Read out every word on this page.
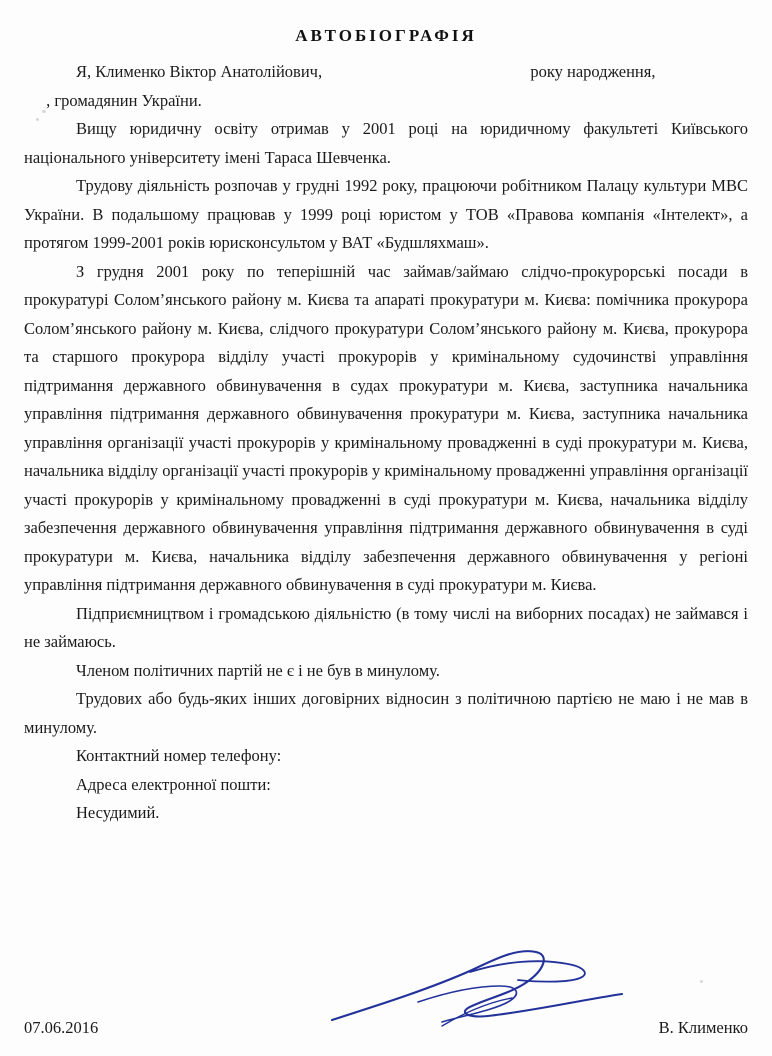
АВТОБІОГРАФІЯ

Я, Клименко Віктор Анатолійович,	року народження,
, громадянин України.

Вищу юридичну освіту отримав у 2001 році на юридичному факультеті Київського національного університету імені Тараса Шевченка.

Трудову діяльність розпочав у грудні 1992 року, працюючи робітником Палацу культури МВС України. В подальшому працював у 1999 році юристом у ТОВ «Правова компанія «Інтелект», а протягом 1999-2001 років юрисконсультом у ВАТ «Будшляхмаш».

З грудня 2001 року по теперішній час займав/займаю слідчо-прокурорські посади в прокуратурі Солом’янського району м. Києва та апараті прокуратури м. Києва: помічника прокурора Солом’янського району м. Києва, слідчого прокуратури Солом’янського району м. Києва, прокурора та старшого прокурора відділу участі прокурорів у кримінальному судочинстві управління підтримання державного обвинувачення в судах прокуратури м. Києва, заступника начальника управління підтримання державного обвинувачення прокуратури м. Києва, заступника начальника управління організації участі прокурорів у кримінальному провадженні в суді прокуратури м. Києва, начальника відділу організації участі прокурорів у кримінальному провадженні управління організації участі прокурорів у кримінальному провадженні в суді прокуратури м. Києва, начальника відділу забезпечення державного обвинувачення управління підтримання державного обвинувачення в суді прокуратури м. Києва, начальника відділу забезпечення державного обвинувачення у регіоні управління підтримання державного обвинувачення в суді прокуратури м. Києва.

Підприємництвом і громадською діяльністю (в тому числі на виборних посадах) не займався і не займаюсь.

Членом політичних партій не є і не був в минулому.

Трудових або будь-яких інших договірних відносин з політичною партією не маю і не мав в минулому.

Контактний номер телефону:

Адреса електронної пошти:

Несудимий.

07.06.2016	В. Клименко
